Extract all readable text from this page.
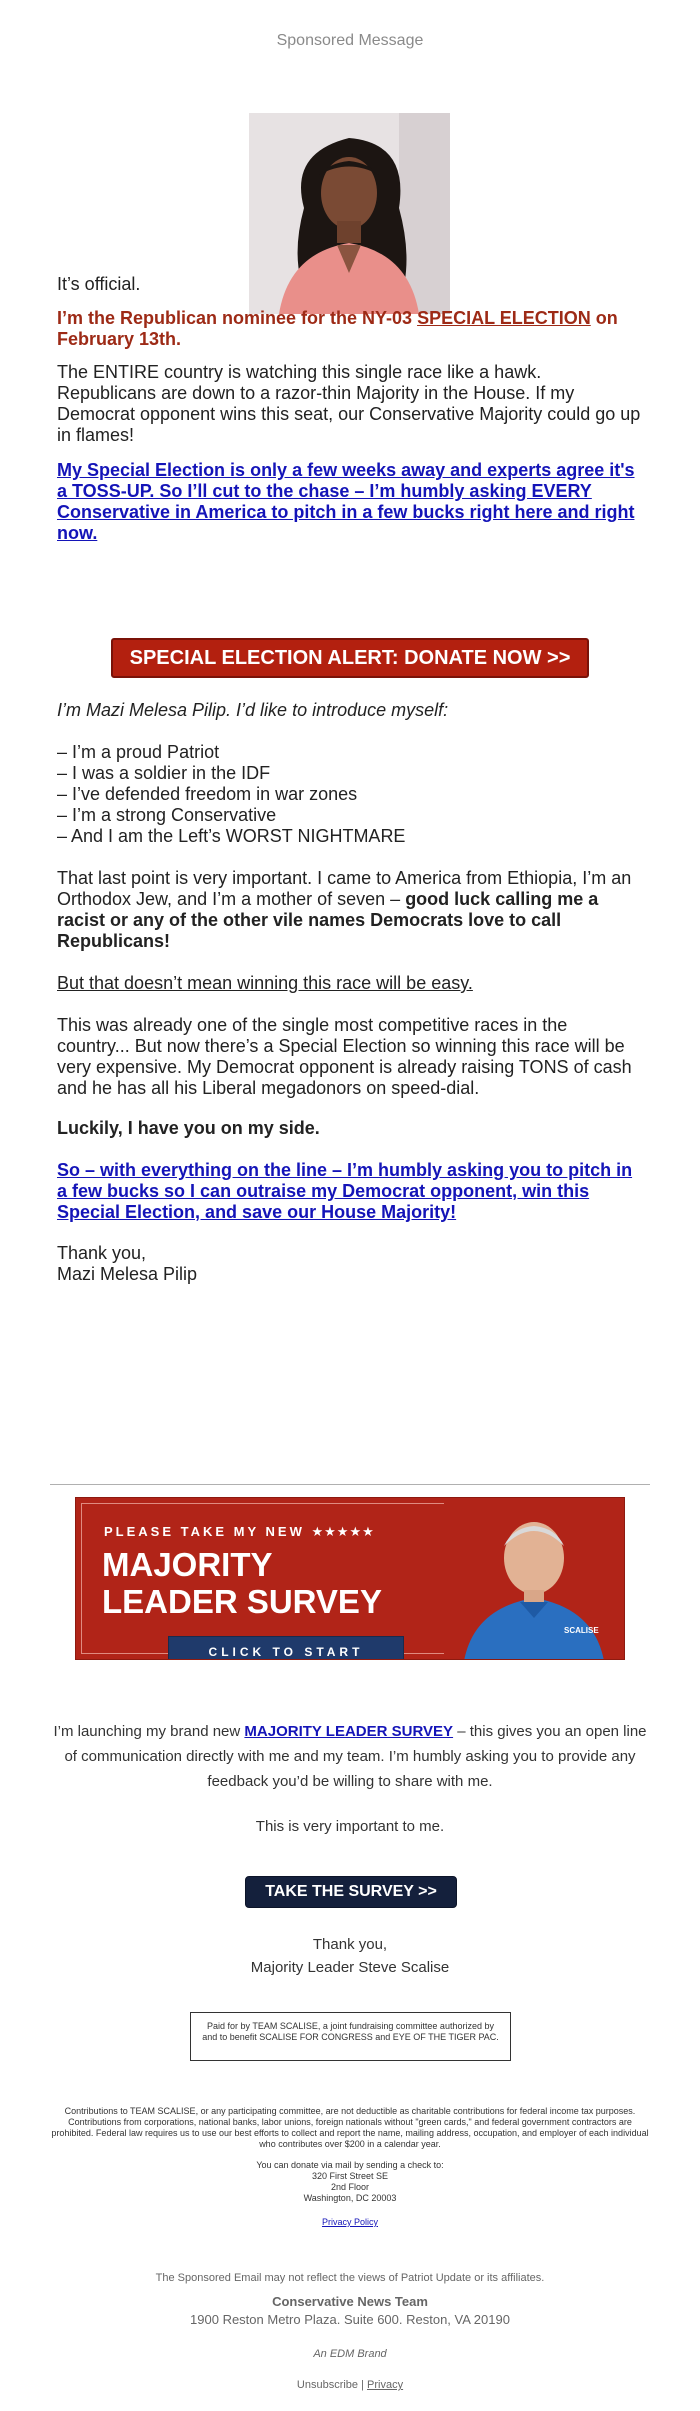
Sponsored Message
It’s official.
I’m the Republican nominee for the NY-03 SPECIAL ELECTION on February 13th.
The ENTIRE country is watching this single race like a hawk. Republicans are down to a razor-thin Majority in the House. If my Democrat opponent wins this seat, our Conservative Majority could go up in flames!
My Special Election is only a few weeks away and experts agree it's a TOSS-UP. So I’ll cut to the chase – I’m humbly asking EVERY Conservative in America to pitch in a few bucks right here and right now.
SPECIAL ELECTION ALERT: DONATE NOW >>
I’m Mazi Melesa Pilip. I’d like to introduce myself:
– I’m a proud Patriot
– I was a soldier in the IDF
– I’ve defended freedom in war zones
– I’m a strong Conservative
– And I am the Left’s WORST NIGHTMARE
That last point is very important. I came to America from Ethiopia, I’m an Orthodox Jew, and I’m a mother of seven – good luck calling me a racist or any of the other vile names Democrats love to call Republicans!
But that doesn’t mean winning this race will be easy.
This was already one of the single most competitive races in the country... But now there’s a Special Election so winning this race will be very expensive. My Democrat opponent is already raising TONS of cash and he has all his Liberal megadonors on speed-dial.
Luckily, I have you on my side.
So – with everything on the line – I’m humbly asking you to pitch in a few bucks so I can outraise my Democrat opponent, win this Special Election, and save our House Majority!
Thank you,
Mazi Melesa Pilip
PLEASE TAKE MY NEW ★★★★★
MAJORITY
LEADER SURVEY
CLICK TO START
SCALISE
I’m launching my brand new MAJORITY LEADER SURVEY – this gives you an open line of communication directly with me and my team. I’m humbly asking you to provide any feedback you’d be willing to share with me.
This is very important to me.
TAKE THE SURVEY >>
Thank you,
Majority Leader Steve Scalise
Paid for by TEAM SCALISE, a joint fundraising committee authorized by and to benefit SCALISE FOR CONGRESS and EYE OF THE TIGER PAC.
Contributions to TEAM SCALISE, or any participating committee, are not deductible as charitable contributions for federal income tax purposes. Contributions from corporations, national banks, labor unions, foreign nationals without "green cards," and federal government contractors are prohibited. Federal law requires us to use our best efforts to collect and report the name, mailing address, occupation, and employer of each individual who contributes over $200 in a calendar year.
You can donate via mail by sending a check to:
320 First Street SE
2nd Floor
Washington, DC 20003
Privacy Policy
The Sponsored Email may not reflect the views of Patriot Update or its affiliates.
Conservative News Team
1900 Reston Metro Plaza. Suite 600. Reston, VA 20190
An EDM Brand
Unsubscribe | Privacy
